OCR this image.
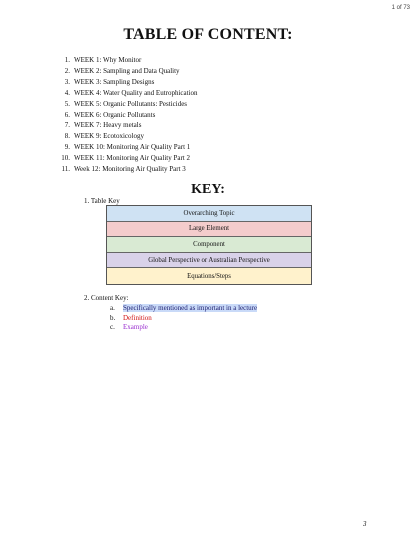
1 of 73
TABLE OF CONTENT:
1. WEEK 1: Why Monitor
2. WEEK 2: Sampling and Data Quality
3. WEEK 3: Sampling Designs
4. WEEK 4: Water Quality and Eutrophication
5. WEEK 5: Organic Pollutants: Pesticides
6. WEEK 6: Organic Pollutants
7. WEEK 7: Heavy metals
8. WEEK 9: Ecotoxicology
9. WEEK 10: Monitoring Air Quality Part 1
10. WEEK 11: Monitoring Air Quality Part 2
11. Week 12: Monitoring Air Quality Part 3
KEY:
1. Table Key
Overarching Topic
Large Element
Component
Global Perspective or Australian Perspective
Equations/Steps
2. Content Key:
a. Specifically mentioned as important in a lecture
b. Definition
c. Example
3
